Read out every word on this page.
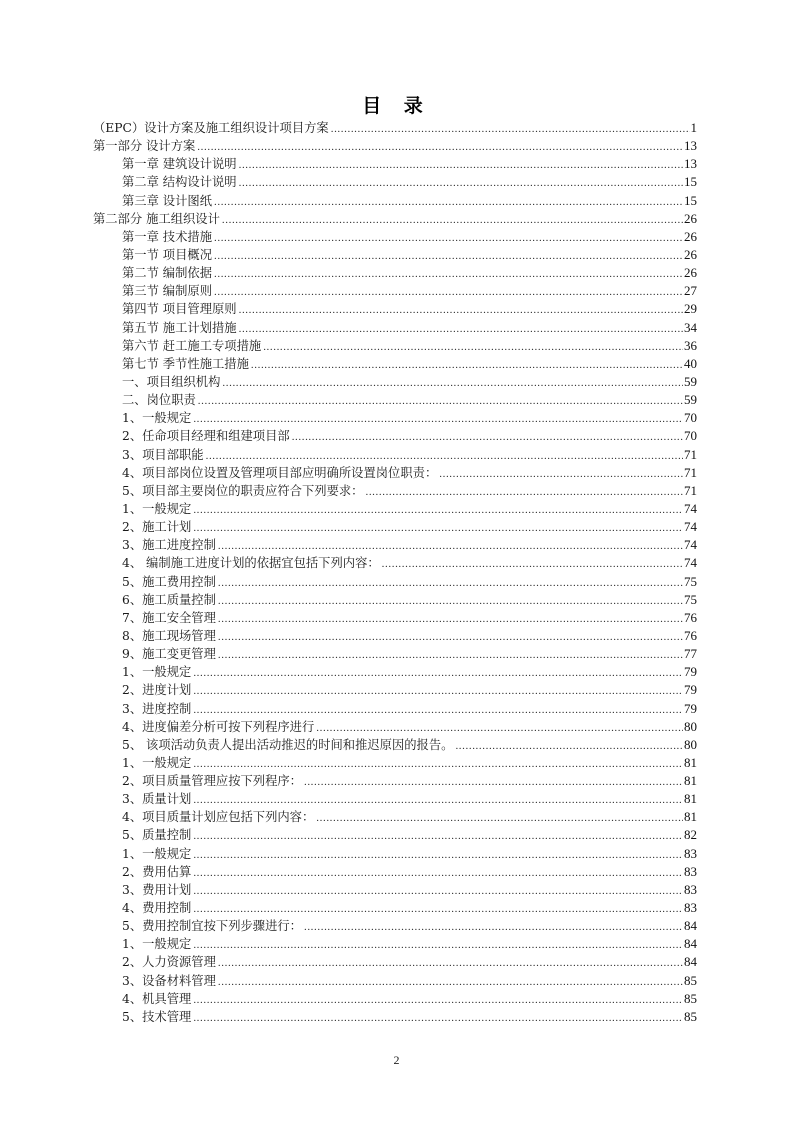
目 录
（EPC）设计方案及施工组织设计项目方案 .....	1
第一部分 设计方案 .....	13
第一章 建筑设计说明 .....	13
第二章 结构设计说明 .....	15
第三章 设计图纸 .....	15
第二部分 施工组织设计 .....	26
第一章 技术措施 .....	26
第一节 项目概况 .....	26
第二节 编制依据 .....	26
第三节 编制原则 .....	27
第四节 项目管理原则 .....	29
第五节 施工计划措施 .....	34
第六节 赶工施工专项措施 .....	36
第七节 季节性施工措施 .....	40
一、项目组织机构 .....	59
二、岗位职责 .....	59
1、一般规定 .....	70
2、任命项目经理和组建项目部 .....	70
3、项目部职能 .....	71
4、项目部岗位设置及管理项目部应明确所设置岗位职责： .....	71
5、项目部主要岗位的职责应符合下列要求： .....	71
1、一般规定 .....	74
2、施工计划 .....	74
3、施工进度控制 .....	74
4、 编制施工进度计划的依据宜包括下列内容： .....	74
5、施工费用控制 .....	75
6、施工质量控制 .....	75
7、施工安全管理 .....	76
8、施工现场管理 .....	76
9、施工变更管理 .....	77
1、一般规定 .....	79
2、进度计划 .....	79
3、进度控制 .....	79
4、进度偏差分析可按下列程序进行 .....	80
5、 该项活动负责人提出活动推迟的时间和推迟原因的报告。 .....	80
1、一般规定 .....	81
2、项目质量管理应按下列程序： .....	81
3、质量计划 .....	81
4、项目质量计划应包括下列内容： .....	81
5、质量控制 .....	82
1、一般规定 .....	83
2、费用估算 .....	83
3、费用计划 .....	83
4、费用控制 .....	83
5、费用控制宜按下列步骤进行： .....	84
1、一般规定 .....	84
2、人力资源管理 .....	84
3、设备材料管理 .....	85
4、机具管理 .....	85
5、技术管理 .....	85
2
